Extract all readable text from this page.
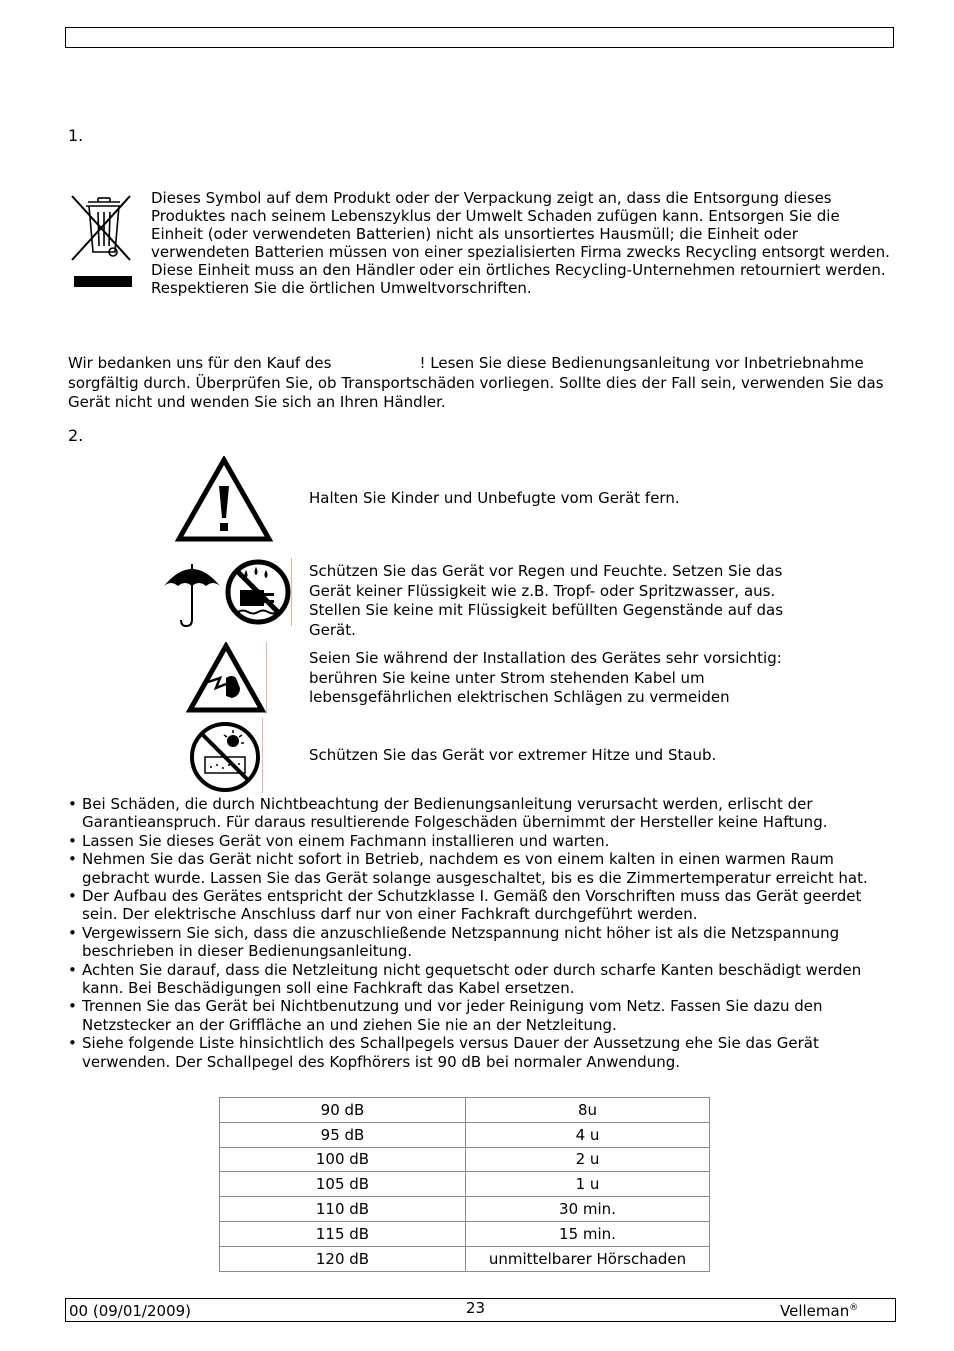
1.
Dieses Symbol auf dem Produkt oder der Verpackung zeigt an, dass die Entsorgung dieses Produktes nach seinem Lebenszyklus der Umwelt Schaden zufügen kann. Entsorgen Sie die Einheit (oder verwendeten Batterien) nicht als unsortiertes Hausmüll; die Einheit oder verwendeten Batterien müssen von einer spezialisierten Firma zwecks Recycling entsorgt werden. Diese Einheit muss an den Händler oder ein örtliches Recycling-Unternehmen retourniert werden. Respektieren Sie die örtlichen Umweltvorschriften.
Wir bedanken uns für den Kauf des	! Lesen Sie diese Bedienungsanleitung vor Inbetriebnahme sorgfältig durch. Überprüfen Sie, ob Transportschäden vorliegen. Sollte dies der Fall sein, verwenden Sie das Gerät nicht und wenden Sie sich an Ihren Händler.
2.
Halten Sie Kinder und Unbefugte vom Gerät fern.
Schützen Sie das Gerät vor Regen und Feuchte. Setzen Sie das Gerät keiner Flüssigkeit wie z.B. Tropf- oder Spritzwasser, aus. Stellen Sie keine mit Flüssigkeit befüllten Gegenstände auf das Gerät.
Seien Sie während der Installation des Gerätes sehr vorsichtig: berühren Sie keine unter Strom stehenden Kabel um lebensgefährlichen elektrischen Schlägen zu vermeiden
Schützen Sie das Gerät vor extremer Hitze und Staub.
• Bei Schäden, die durch Nichtbeachtung der Bedienungsanleitung verursacht werden, erlischt der Garantieanspruch. Für daraus resultierende Folgeschäden übernimmt der Hersteller keine Haftung.
• Lassen Sie dieses Gerät von einem Fachmann installieren und warten.
• Nehmen Sie das Gerät nicht sofort in Betrieb, nachdem es von einem kalten in einen warmen Raum gebracht wurde. Lassen Sie das Gerät solange ausgeschaltet, bis es die Zimmertemperatur erreicht hat.
• Der Aufbau des Gerätes entspricht der Schutzklasse I. Gemäß den Vorschriften muss das Gerät geerdet sein. Der elektrische Anschluss darf nur von einer Fachkraft durchgeführt werden.
• Vergewissern Sie sich, dass die anzuschließende Netzspannung nicht höher ist als die Netzspannung beschrieben in dieser Bedienungsanleitung.
• Achten Sie darauf, dass die Netzleitung nicht gequetscht oder durch scharfe Kanten beschädigt werden kann. Bei Beschädigungen soll eine Fachkraft das Kabel ersetzen.
• Trennen Sie das Gerät bei Nichtbenutzung und vor jeder Reinigung vom Netz. Fassen Sie dazu den Netzstecker an der Griffläche an und ziehen Sie nie an der Netzleitung.
• Siehe folgende Liste hinsichtlich des Schallpegels versus Dauer der Aussetzung ehe Sie das Gerät verwenden. Der Schallpegel des Kopfhörers ist 90 dB bei normaler Anwendung.
90 dB	8u
95 dB	4 u
100 dB	2 u
105 dB	1 u
110 dB	30 min.
115 dB	15 min.
120 dB	unmittelbarer Hörschaden
00 (09/01/2009)	23	Velleman®
